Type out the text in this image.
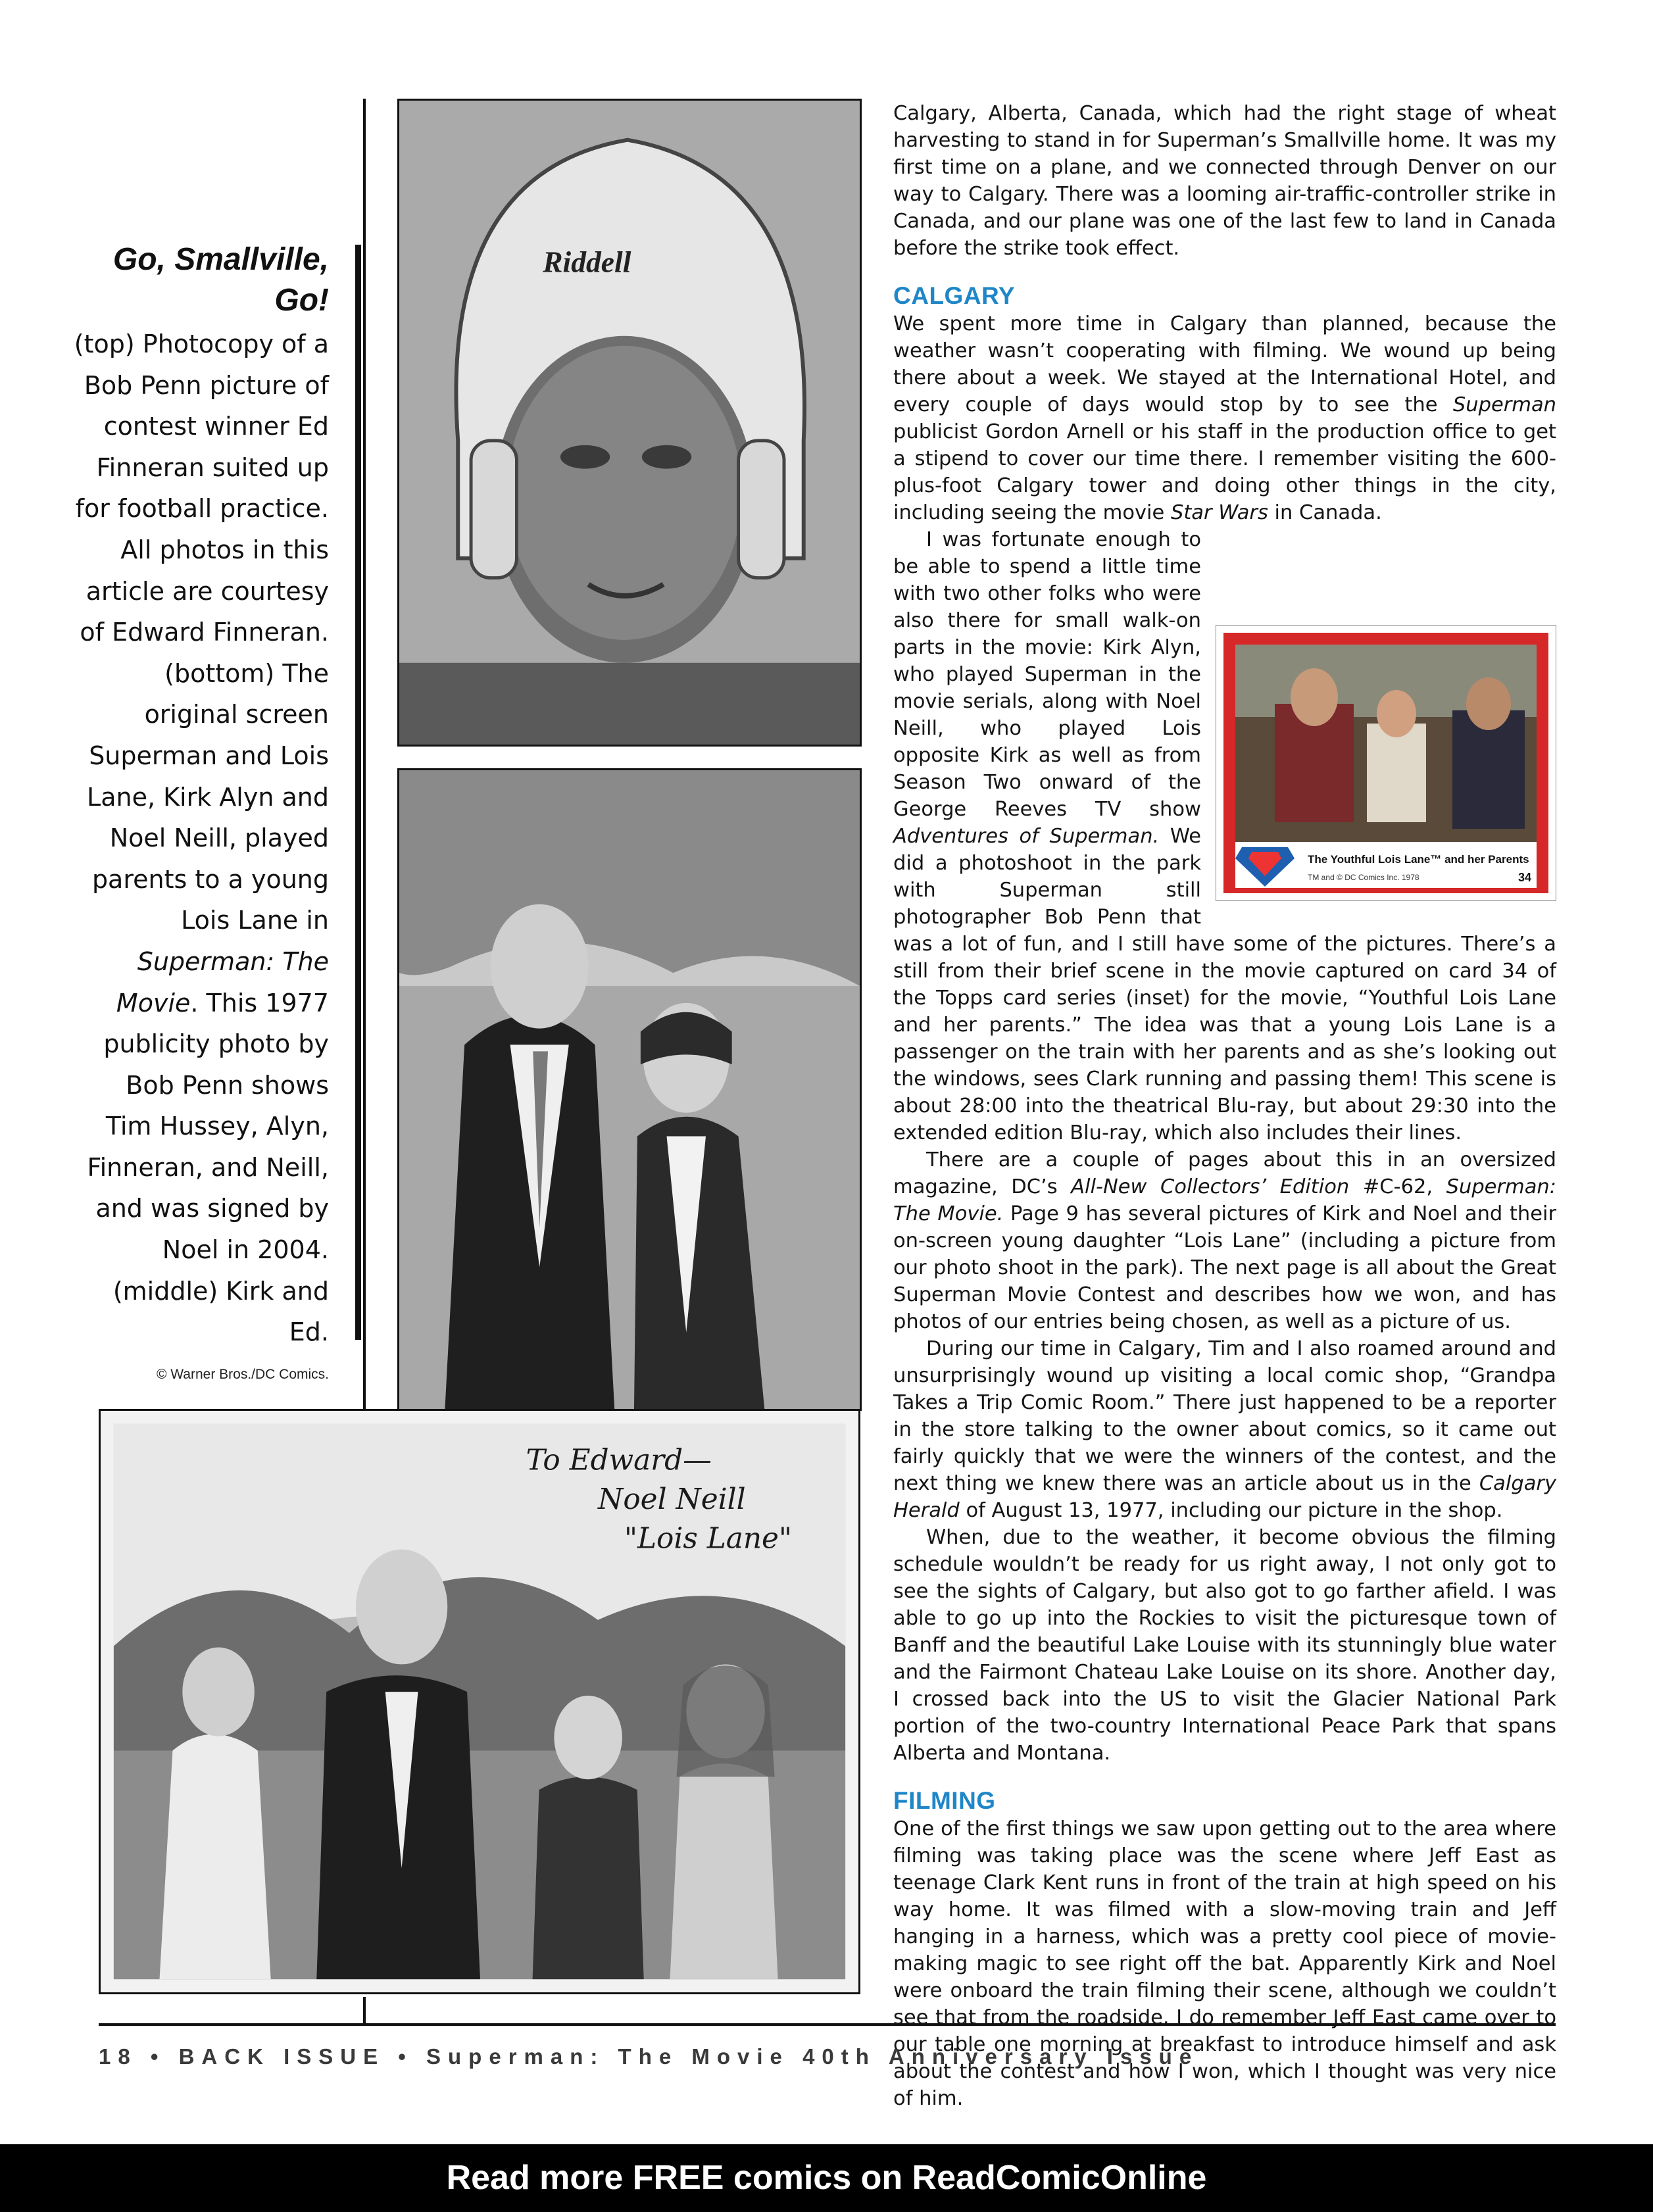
Go, Smallville,
Go!
(top) Photocopy of a Bob Penn picture of contest winner Ed Finneran suited up for football practice. All photos in this article are courtesy of Edward Finneran. (bottom) The original screen Superman and Lois Lane, Kirk Alyn and Noel Neill, played parents to a young Lois Lane in Superman: The Movie. This 1977 publicity photo by Bob Penn shows Tim Hussey, Alyn, Finneran, and Neill, and was signed by Noel in 2004. (middle) Kirk and Ed.
© Warner Bros./DC Comics.
Riddell
To Edward—
Noel Neill
"Lois Lane"

Calgary, Alberta, Canada, which had the right stage of wheat harvesting to stand in for Superman’s Smallville home. It was my first time on a plane, and we connected through Denver on our way to Calgary. There was a looming air-traffic-controller strike in Canada, and our plane was one of the last few to land in Canada before the strike took effect.

CALGARY

We spent more time in Calgary than planned, because the weather wasn’t cooperating with filming. We wound up being there about a week. We stayed at the International Hotel, and every couple of days would stop by to see the Superman publicist Gordon Arnell or his staff in the production office to get a stipend to cover our time there. I remember visiting the 600-plus-foot Calgary tower and doing other things in the city, including seeing the movie Star Wars in Canada.

The Youthful Lois Lane™ and her Parents
TM and © DC Comics Inc. 1978	34
I was fortunate enough to be able to spend a little time with two other folks who were also there for small walk-on parts in the movie: Kirk Alyn, who played Superman in the movie serials, along with Noel Neill, who played Lois opposite Kirk as well as from Season Two onward of the George Reeves TV show Adventures of Superman. We did a photoshoot in the park with Superman still photographer Bob Penn that was a lot of fun, and I still have some of the pictures. There’s a still from their brief scene in the movie captured on card 34 of the Topps card series (inset) for the movie, “Youthful Lois Lane and her parents.” The idea was that a young Lois Lane is a passenger on the train with her parents and as she’s looking out the windows, sees Clark running and passing them! This scene is about 28:00 into the theatrical Blu-ray, but about 29:30 into the extended edition Blu-ray, which also includes their lines.

There are a couple of pages about this in an oversized magazine, DC’s All-New Collectors’ Edition #C-62, Superman: The Movie. Page 9 has several pictures of Kirk and Noel and their on-screen young daughter “Lois Lane” (including a picture from our photo shoot in the park). The next page is all about the Great Superman Movie Contest and describes how we won, and has photos of our entries being chosen, as well as a picture of us.

During our time in Calgary, Tim and I also roamed around and unsurprisingly wound up visiting a local comic shop, “Grandpa Takes a Trip Comic Room.” There just happened to be a reporter in the store talking to the owner about comics, so it came out fairly quickly that we were the winners of the contest, and the next thing we knew there was an article about us in the Calgary Herald of August 13, 1977, including our picture in the shop.

When, due to the weather, it become obvious the filming schedule wouldn’t be ready for us right away, I not only got to see the sights of Calgary, but also got to go farther afield. I was able to go up into the Rockies to visit the picturesque town of Banff and the beautiful Lake Louise with its stunningly blue water and the Fairmont Chateau Lake Louise on its shore. Another day, I crossed back into the US to visit the Glacier National Park portion of the two-country International Peace Park that spans Alberta and Montana.

FILMING

One of the first things we saw upon getting out to the area where filming was taking place was the scene where Jeff East as teenage Clark Kent runs in front of the train at high speed on his way home. It was filmed with a slow-moving train and Jeff hanging in a harness, which was a pretty cool piece of movie-making magic to see right off the bat. Apparently Kirk and Noel were onboard the train filming their scene, although we couldn’t see that from the roadside. I do remember Jeff East came over to our table one morning at breakfast to introduce himself and ask about the contest and how I won, which I thought was very nice of him.

18 • BACK ISSUE • Superman: The Movie 40th Anniversary Issue
Read more FREE comics on ReadComicOnline
